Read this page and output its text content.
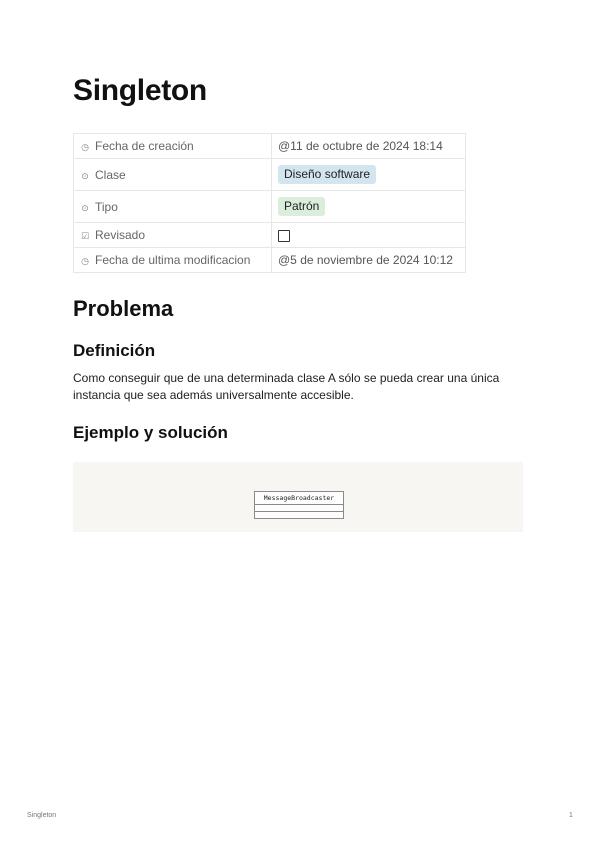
Singleton
◷ Fecha de creación	@11 de octubre de 2024 18:14
⊙ Clase	Diseño software
⊙ Tipo	Patrón
☑ Revisado	
◷ Fecha de ultima modificacion	@5 de noviembre de 2024 10:12
Problema
Definición

Como conseguir que de una determinada clase A sólo se pueda crear una única instancia que sea además universalmente accesible.

Ejemplo y solución
MessageBroadcaster
Singleton	1
